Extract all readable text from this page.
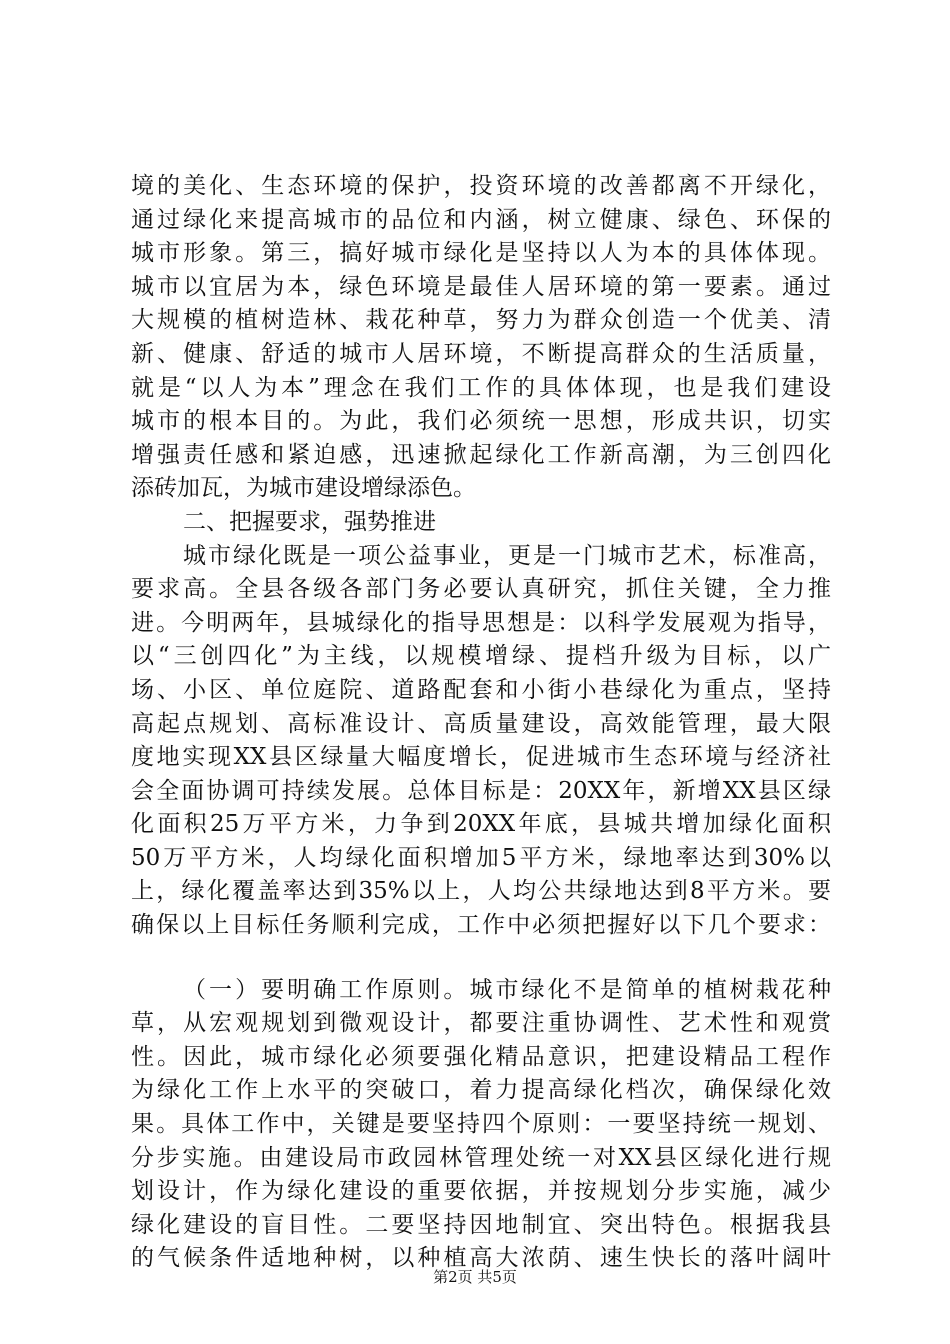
境的美化、生态环境的保护，投资环境的改善都离不开绿化，
通过绿化来提高城市的品位和内涵，树立健康、绿色、环保的
城市形象。第三，搞好城市绿化是坚持以人为本的具体体现。
城市以宜居为本，绿色环境是最佳人居环境的第一要素。通过
大规模的植树造林、栽花种草，努力为群众创造一个优美、清
新、健康、舒适的城市人居环境，不断提高群众的生活质量，
就是“以人为本”理念在我们工作的具体体现，也是我们建设
城市的根本目的。为此，我们必须统一思想，形成共识，切实
增强责任感和紧迫感，迅速掀起绿化工作新高潮，为三创四化
添砖加瓦，为城市建设增绿添色。
二、把握要求，强势推进
城市绿化既是一项公益事业，更是一门城市艺术，标准高，
要求高。全县各级各部门务必要认真研究，抓住关键，全力推
进。今明两年，县城绿化的指导思想是：以科学发展观为指导，
以“三创四化”为主线，以规模增绿、提档升级为目标，以广
场、小区、单位庭院、道路配套和小街小巷绿化为重点，坚持
高起点规划、高标准设计、高质量建设，高效能管理，最大限
度地实现XX县区绿量大幅度增长，促进城市生态环境与经济社
会全面协调可持续发展。总体目标是：20XX年，新增XX县区绿
化面积25万平方米，力争到20XX年底，县城共增加绿化面积
50万平方米，人均绿化面积增加5平方米，绿地率达到30%以
上，绿化覆盖率达到35%以上，人均公共绿地达到8平方米。要
确保以上目标任务顺利完成，工作中必须把握好以下几个要求：
（一）要明确工作原则。城市绿化不是简单的植树栽花种
草，从宏观规划到微观设计，都要注重协调性、艺术性和观赏
性。因此，城市绿化必须要强化精品意识，把建设精品工程作
为绿化工作上水平的突破口，着力提高绿化档次，确保绿化效
果。具体工作中，关键是要坚持四个原则：一要坚持统一规划、
分步实施。由建设局市政园林管理处统一对XX县区绿化进行规
划设计，作为绿化建设的重要依据，并按规划分步实施，减少
绿化建设的盲目性。二要坚持因地制宜、突出特色。根据我县
的气候条件适地种树，以种植高大浓荫、速生快长的落叶阔叶
第2页 共5页
